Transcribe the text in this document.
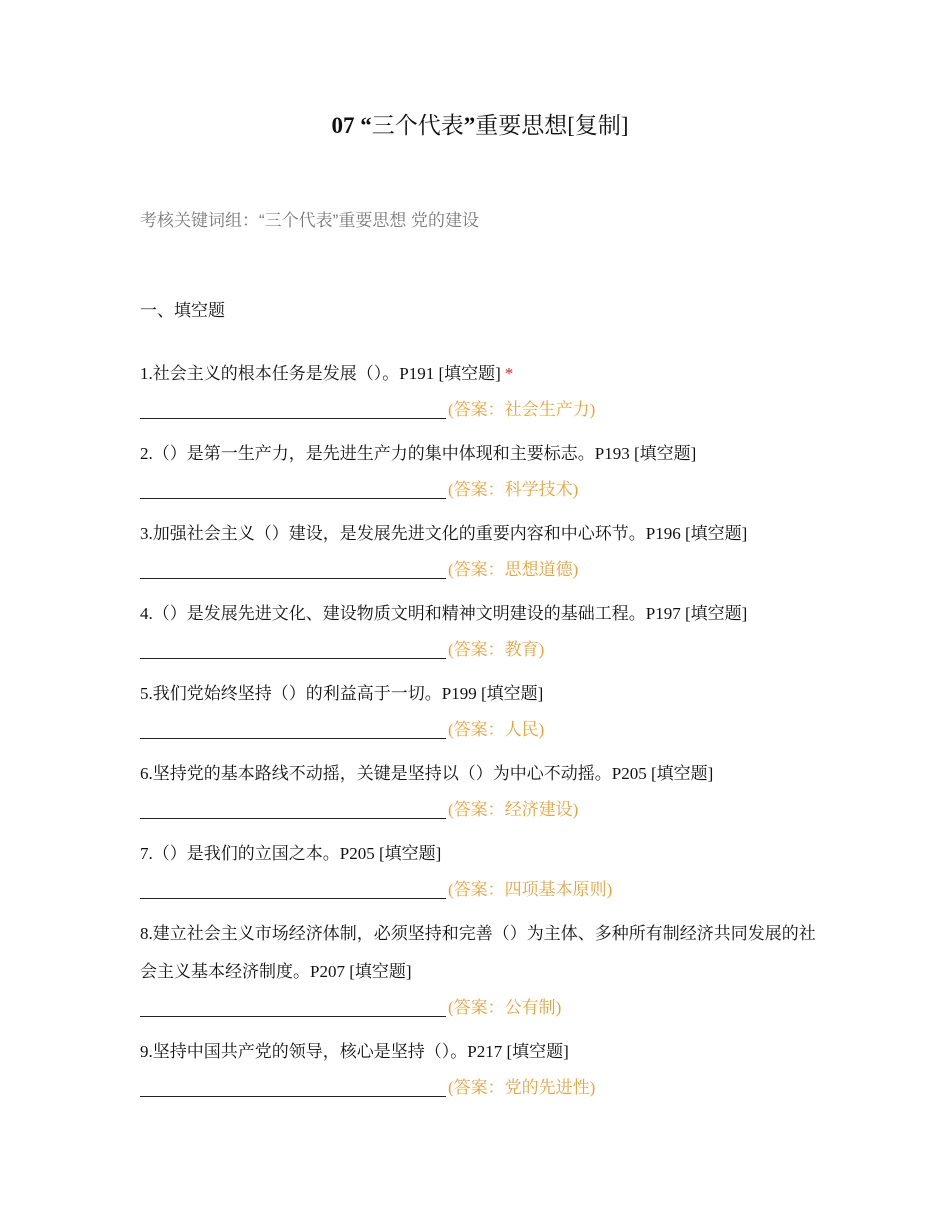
07 “三个代表”重要思想[复制]
考核关键词组：“三个代表”重要思想 党的建设
一、填空题

1.社会主义的根本任务是发展（）。P191 [填空题] *

(答案：社会生产力)

2.（）是第一生产力，是先进生产力的集中体现和主要标志。P193 [填空题]

(答案：科学技术)

3.加强社会主义（）建设，是发展先进文化的重要内容和中心环节。P196 [填空题]

(答案：思想道德)

4.（）是发展先进文化、建设物质文明和精神文明建设的基础工程。P197 [填空题]

(答案：教育)

5.我们党始终坚持（）的利益高于一切。P199 [填空题]

(答案：人民)

6.坚持党的基本路线不动摇，关键是坚持以（）为中心不动摇。P205 [填空题]

(答案：经济建设)

7.（）是我们的立国之本。P205 [填空题]

(答案：四项基本原则)

8.建立社会主义市场经济体制，必须坚持和完善（）为主体、多种所有制经济共同发展的社会主义基本经济制度。P207 [填空题]

(答案：公有制)

9.坚持中国共产党的领导，核心是坚持（）。P217 [填空题]

(答案：党的先进性)
